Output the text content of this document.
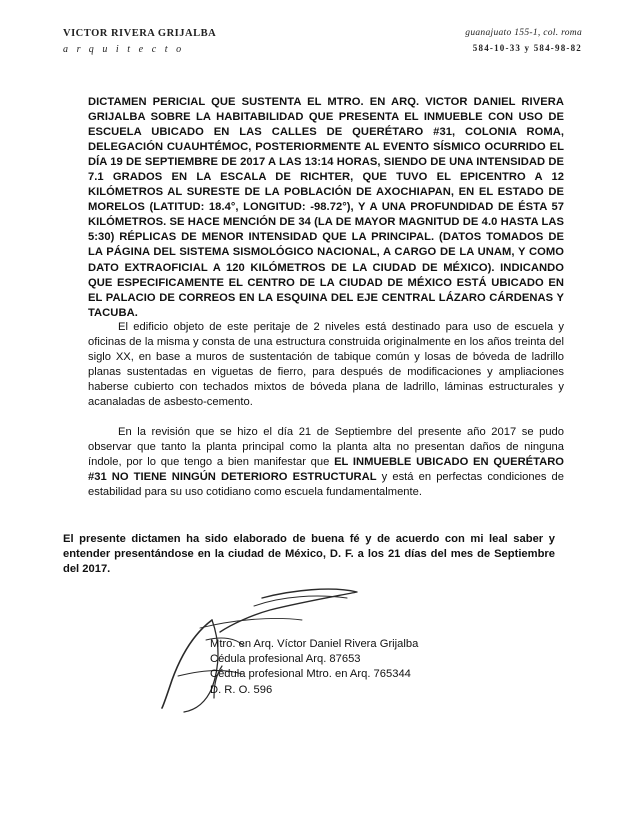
VICTOR RIVERA GRIJALBA
arquitecto
guanajuato 155-1, col. roma
584-10-33 y 584-98-82
DICTAMEN PERICIAL QUE SUSTENTA EL MTRO. EN ARQ. VICTOR DANIEL RIVERA GRIJALBA SOBRE LA HABITABILIDAD QUE PRESENTA EL INMUEBLE CON USO DE ESCUELA UBICADO EN LAS CALLES DE QUERÉTARO #31, COLONIA ROMA, DELEGACIÓN CUAUHTÉMOC, POSTERIORMENTE AL EVENTO SÍSMICO OCURRIDO EL DÍA 19 DE SEPTIEMBRE DE 2017 A LAS 13:14 HORAS, SIENDO DE UNA INTENSIDAD DE 7.1 GRADOS EN LA ESCALA DE RICHTER, QUE TUVO EL EPICENTRO A 12 KILÓMETROS AL SURESTE DE LA POBLACIÓN DE AXOCHIAPAN, EN EL ESTADO DE MORELOS (LATITUD: 18.4°, LONGITUD: -98.72°), Y A UNA PROFUNDIDAD DE ÉSTA 57 KILÓMETROS. SE HACE MENCIÓN DE 34 (LA DE MAYOR MAGNITUD DE 4.0 HASTA LAS 5:30) RÉPLICAS DE MENOR INTENSIDAD QUE LA PRINCIPAL. (DATOS TOMADOS DE LA PÁGINA DEL SISTEMA SISMOLÓGICO NACIONAL, A CARGO DE LA UNAM, Y COMO DATO EXTRAOFICIAL A 120 KILÓMETROS DE LA CIUDAD DE MÉXICO). INDICANDO QUE ESPECIFICAMENTE EL CENTRO DE LA CIUDAD DE MÉXICO ESTÁ UBICADO EN EL PALACIO DE CORREOS EN LA ESQUINA DEL EJE CENTRAL LÁZARO CÁRDENAS Y TACUBA.
El edificio objeto de este peritaje de 2 niveles está destinado para uso de escuela y oficinas de la misma y consta de una estructura construida originalmente en los años treinta del siglo XX, en base a muros de sustentación de tabique común y losas de bóveda de ladrillo planas sustentadas en viguetas de fierro, para después de modificaciones y ampliaciones haberse cubierto con techados mixtos de bóveda plana de ladrillo, láminas estructurales y acanaladas de asbesto-cemento.
En la revisión que se hizo el día 21 de Septiembre del presente año 2017 se pudo observar que tanto la planta principal como la planta alta no presentan daños de ninguna índole, por lo que tengo a bien manifestar que EL INMUEBLE UBICADO EN QUERÉTARO #31 NO TIENE NINGÚN DETERIORO ESTRUCTURAL y está en perfectas condiciones de estabilidad para su uso cotidiano como escuela fundamentalmente.
El presente dictamen ha sido elaborado de buena fé y de acuerdo con mi leal saber y entender presentándose en la ciudad de México, D. F. a los 21 días del mes de Septiembre del 2017.
Mtro. en Arq. Víctor Daniel Rivera Grijalba
Cédula profesional Arq. 87653
Cédula profesional Mtro. en Arq. 765344
D. R. O. 596
